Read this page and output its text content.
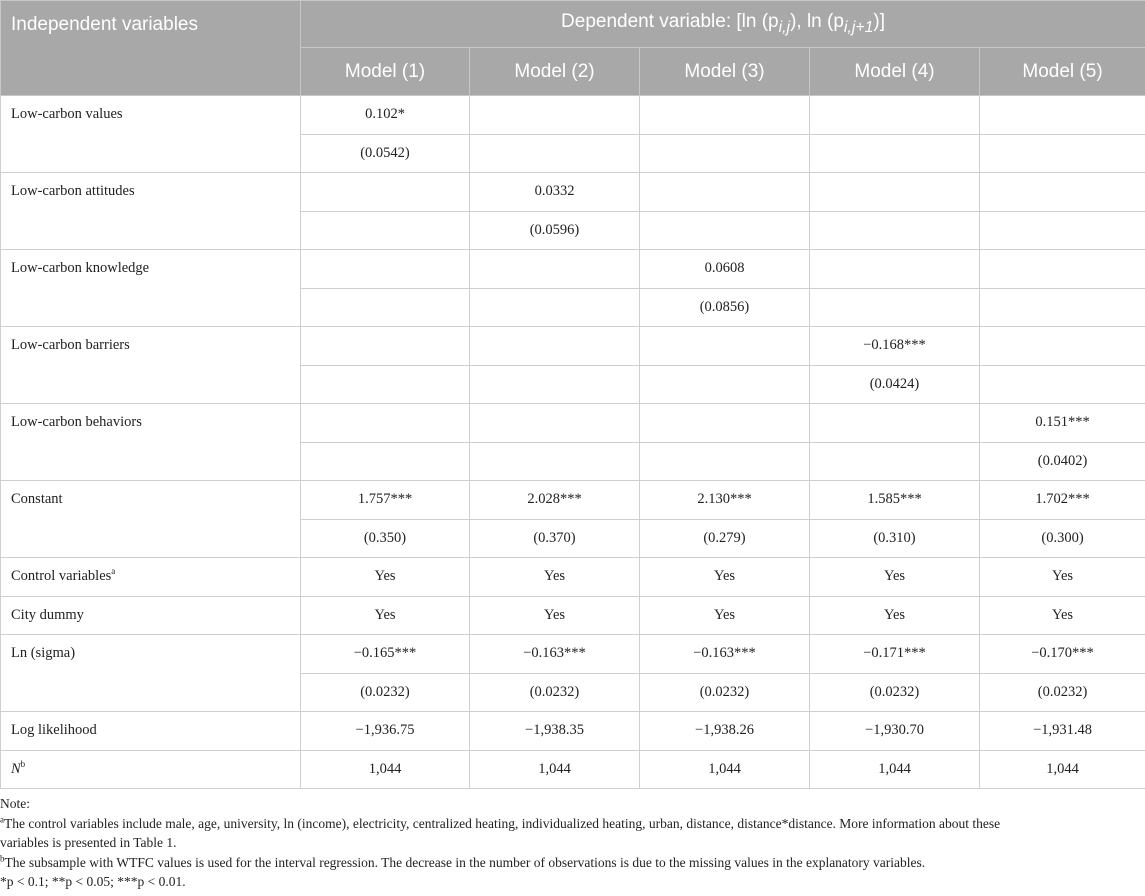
Independent variables	Dependent variable: [ln $(p_{i,j})$, $\ln (p_{i,j+1})$]				
	Model (1)	Model (2)	Model (3)	Model (4)	Model (5)
Low-carbon values	0.102*				
	(0.0542)				
Low-carbon attitudes		0.0332			
		(0.0596)			
Low-carbon knowledge			0.0608		
			(0.0856)		
Low-carbon barriers				−0.168***	
				(0.0424)	
Low-carbon behaviors					0.151***
					(0.0402)
Constant	1.757***	2.028***	2.130***	1.585***	1.702***
	(0.350)	(0.370)	(0.279)	(0.310)	(0.300)
Control variables$^a$	Yes	Yes	Yes	Yes	Yes
City dummy	Yes	Yes	Yes	Yes	Yes
Ln (sigma)	−0.165***	−0.163***	−0.163***	−0.171***	−0.170***
	(0.0232)	(0.0232)	(0.0232)	(0.0232)	(0.0232)
Log likelihood	−1,936.75	−1,938.35	−1,938.26	−1,930.70	−1,931.48
$N^b$	1,044	1,044	1,044	1,044	1,044

Note:

$^a$The control variables include male, age, university, ln (income), electricity, centralized heating, individualized heating, urban, distance, distance*distance. More information about these

variables is presented in Table 1.

$^b$The subsample with WTFC values is used for the interval regression. The decrease in the number of observations is due to the missing values in the explanatory variables.

*p < 0.1; **p < 0.05; ***p < 0.01.
